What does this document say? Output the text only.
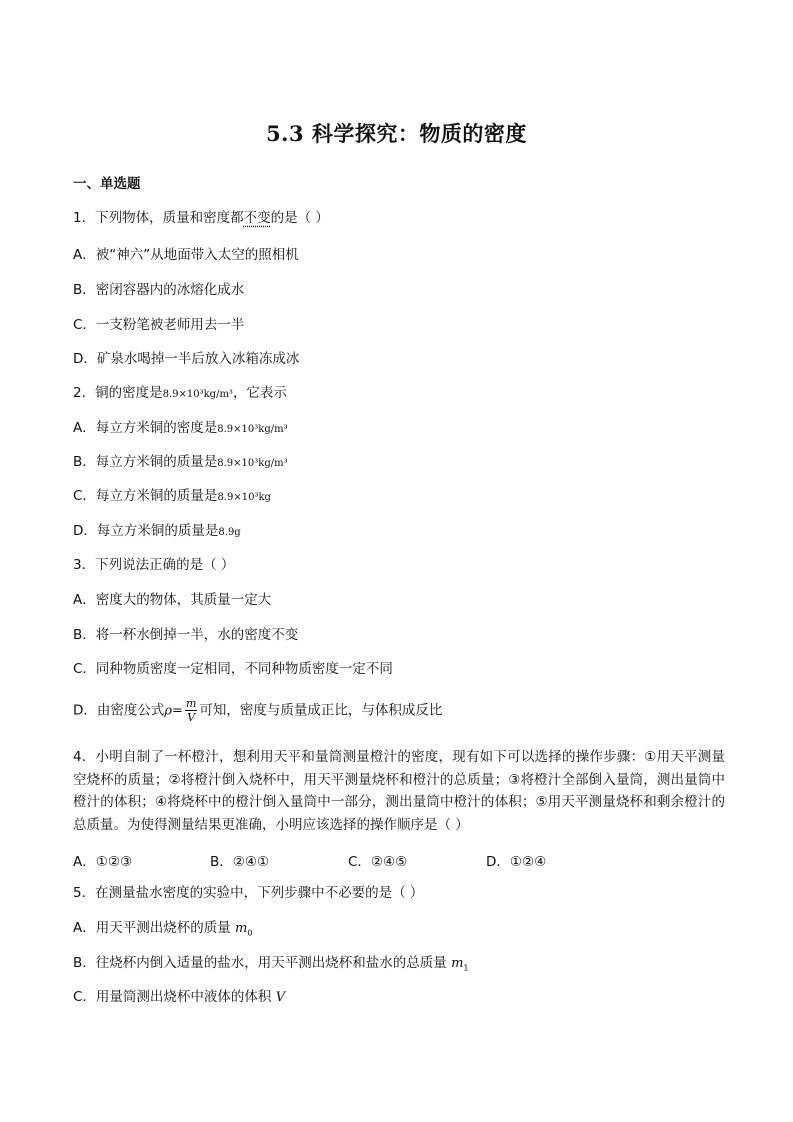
5.3 科学探究：物质的密度
一、单选题
1．下列物体，质量和密度都不变的是（ ）
A．被“神六”从地面带入太空的照相机
B．密闭容器内的冰熔化成水
C．一支粉笔被老师用去一半
D．矿泉水喝掉一半后放入冰箱冻成冰
2．铜的密度是8.9×10³kg/m³，它表示
A．每立方米铜的密度是8.9×10³kg/m³
B．每立方米铜的质量是8.9×10³kg/m³
C．每立方米铜的质量是8.9×10³kg
D．每立方米铜的质量是8.9g
3．下列说法正确的是（ ）
A．密度大的物体，其质量一定大
B．将一杯水倒掉一半，水的密度不变
C．同种物质密度一定相同，不同种物质密度一定不同
D．由密度公式$\rho= \frac{m}{V}$ 可知，密度与质量成正比，与体积成反比
4．小明自制了一杯橙汁，想利用天平和量筒测量橙汁的密度，现有如下可以选择的操作步骤：①用天平测量空烧杯的质量；②将橙汁倒入烧杯中，用天平测量烧杯和橙汁的总质量；③将橙汁全部倒入量筒，测出量筒中橙汁的体积；④将烧杯中的橙汁倒入量筒中一部分，测出量筒中橙汁的体积；⑤用天平测量烧杯和剩余橙汁的总质量。为使得测量结果更准确，小明应该选择的操作顺序是（ ）
A．①②③	B．②④①	C．②④⑤	D．①②④
5．在测量盐水密度的实验中，下列步骤中不必要的是（ ）
A．用天平测出烧杯的质量 $m_0$
B．往烧杯内倒入适量的盐水，用天平测出烧杯和盐水的总质量 $m_1$
C．用量筒测出烧杯中液体的体积 V
